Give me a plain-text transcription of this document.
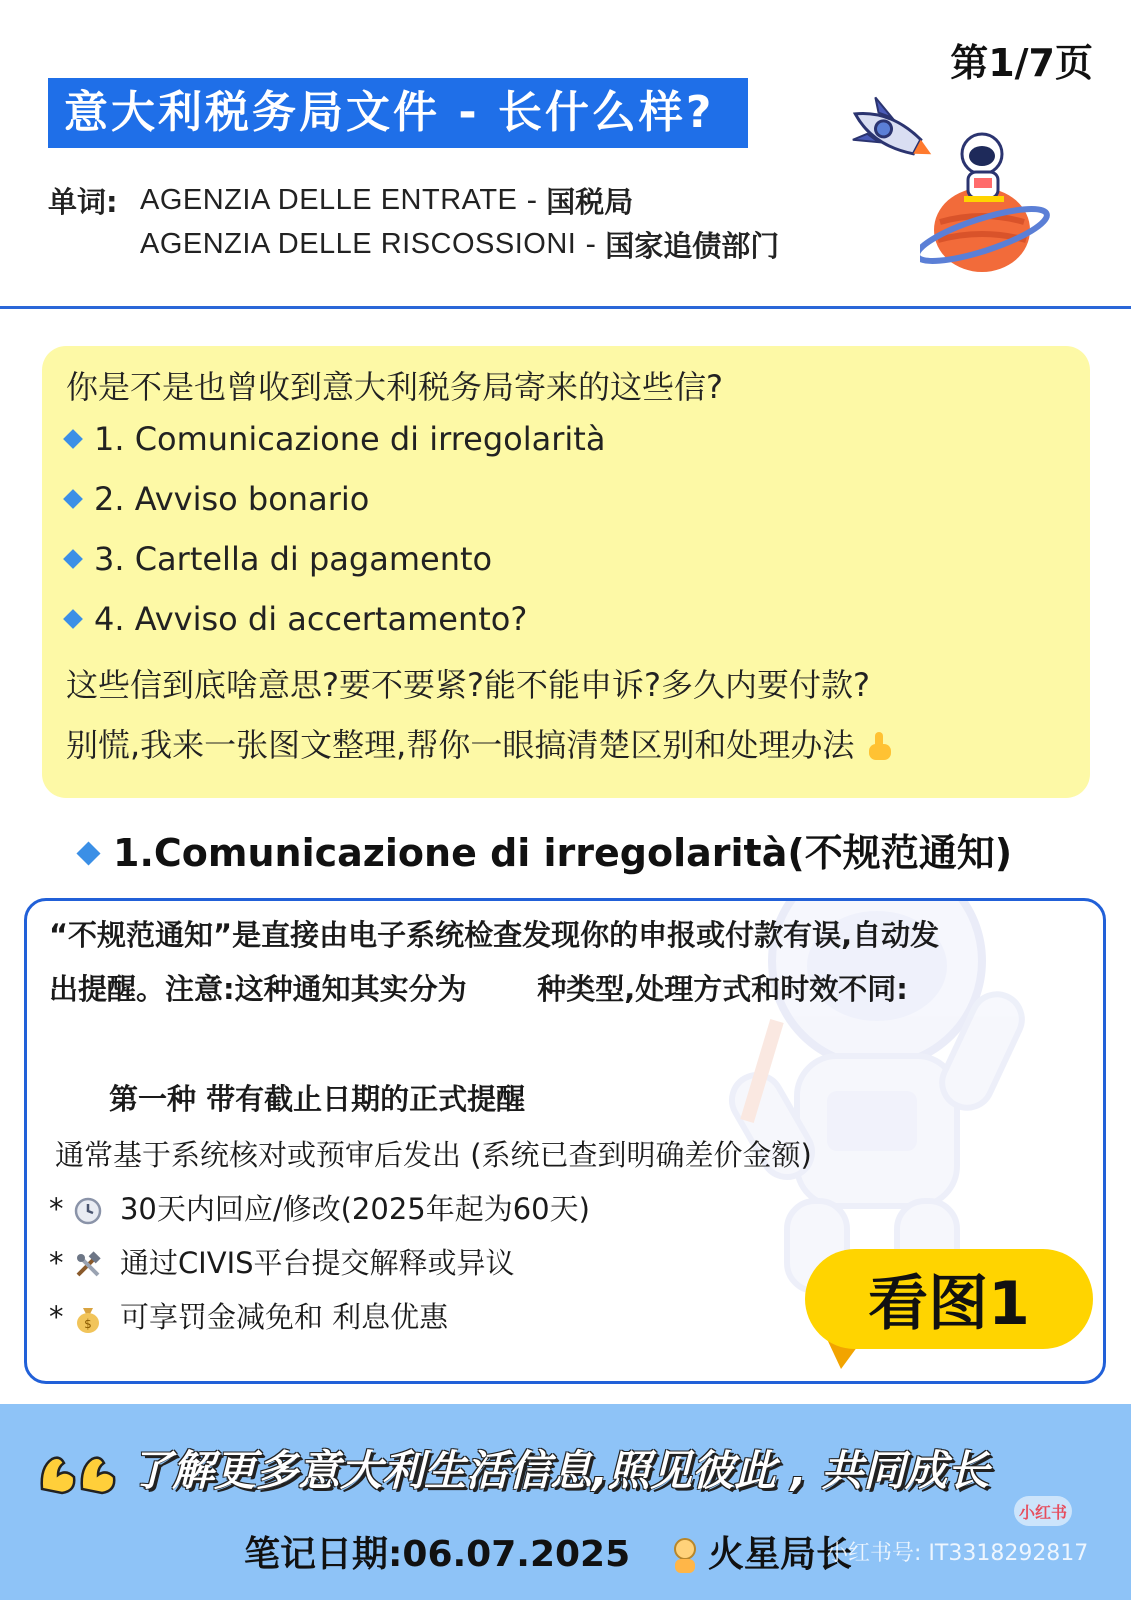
第1/7页
意大利税务局文件 - 长什么样?
单词: AGENZIA DELLE ENTRATE - 国税局
AGENZIA DELLE RISCOSSIONI - 国家追债部门
你是不是也曾收到意大利税务局寄来的这些信?
1. Comunicazione di irregolarità
2. Avviso bonario
3. Cartella di pagamento
4. Avviso di accertamento?
这些信到底啥意思?要不要紧?能不能申诉?多久内要付款?
别慌,我来一张图文整理,帮你一眼搞清楚区别和处理办法
1.Comunicazione di irregolarità(不规范通知)
“不规范通知”是直接由电子系统检查发现你的申报或付款有误,自动发
出提醒。注意:这种通知其实分为       种类型,处理方式和时效不同:
第一种 带有截止日期的正式提醒
通常基于系统核对或预审后发出 (系统已查到明确差价金额)
* 30天内回应/修改(2025年起为60天)
* 通过CIVIS平台提交解释或异议
* $ 可享罚金减免和 利息优惠	看图1
了解更多意大利生活信息,照见彼此 , 共同成长
笔记日期:06.07.2025	火星局长
小红书
小红书号: IT3318292817
